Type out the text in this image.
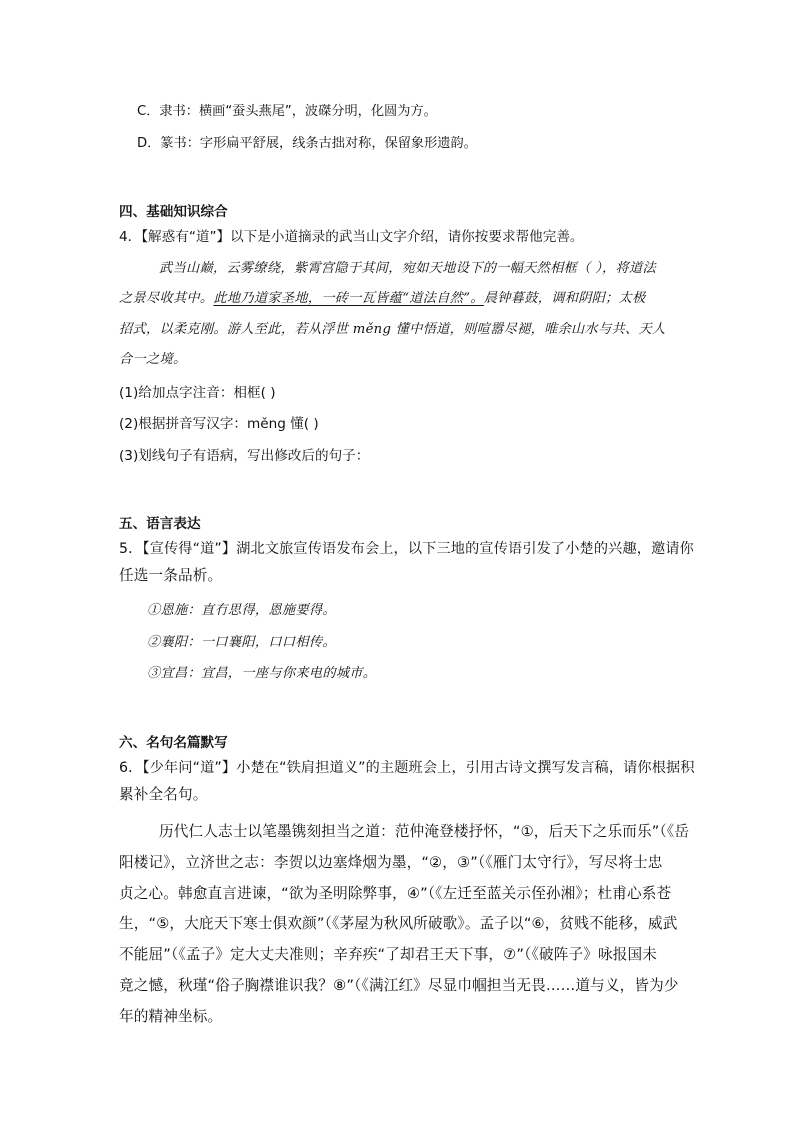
C．隶书：横画“蚕头燕尾”，波磔分明，化圆为方。
D．篆书：字形扁平舒展，线条古拙对称，保留象形遗韵。
四、基础知识综合
4．【解惑有“道”】以下是小道摘录的武当山文字介绍，请你按要求帮他完善。
武当山巅，云雾缭绕，紫霄宫隐于其间，宛如天地设下的一幅天然相框（ ），将道法
之景尽收其中。此地乃道家圣地，一砖一瓦皆蕴“道法自然”。晨钟暮鼓，调和阴阳；太极
招式，以柔克刚。游人至此，若从浮世 měng 懂中悟道，则喧嚣尽褪，唯余山水与共、天人
合一之境。
(1)给加点字注音：相框( )
(2)根据拼音写汉字：měng 懂( )
(3)划线句子有语病，写出修改后的句子：
五、语言表达
5．【宣传得“道”】湖北文旅宣传语发布会上，以下三地的宣传语引发了小楚的兴趣，邀请你
任选一条品析。
①恩施：直冇思得，恩施要得。
②襄阳：一口襄阳，口口相传。
③宜昌：宜昌，一座与你来电的城市。
六、名句名篇默写
6．【少年问“道”】小楚在“铁肩担道义”的主题班会上，引用古诗文撰写发言稿，请你根据积
累补全名句。
历代仁人志士以笔墨镌刻担当之道：范仲淹登楼抒怀，“①，后天下之乐而乐”（《岳
阳楼记》，立济世之志：李贺以边塞烽烟为墨，“②，③”（《雁门太守行》，写尽将士忠
贞之心。韩愈直言进谏，“欲为圣明除弊事，④”（《左迁至蓝关示侄孙湘》；杜甫心系苍
生，“⑤，大庇天下寒士俱欢颜”（《茅屋为秋风所破歌》。孟子以“⑥，贫贱不能移，威武
不能屈”（《孟子》定大丈夫准则；辛弃疾“了却君王天下事，⑦”（《破阵子》咏报国未
竟之憾，秋瑾“俗子胸襟谁识我？⑧”（《满江红》尽显巾帼担当无畏……道与义，皆为少
年的精神坐标。
